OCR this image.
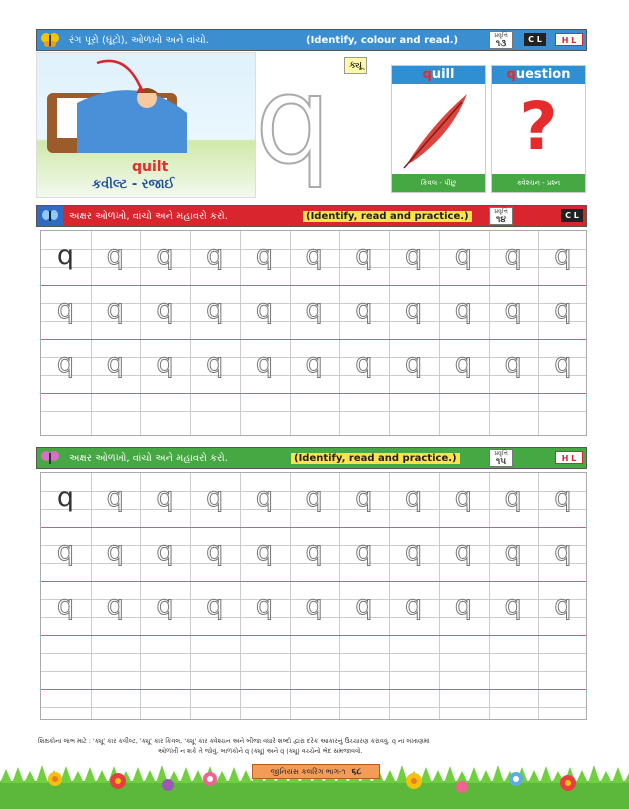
રંગ પૂરો (ઘૂંટો), ઓળખો અને વાંચો.	(Identify, colour and read.)	પ્રવૃત્તિ
૧૩	C L	H L
quilt
કવીલ્ટ - રજાઈ q	ક્યૂ
quill
કિવલ - પીંછુ
question
?
ક્વેશ્ચન - પ્રશ્ન
અક્ષર ઓળખો, વાંચો અને મહાવરો કરો.	(Identify, read and practice.)	પ્રવૃત્તિ
૧૪	C L
q	q	q	q	q	q	q	q	q	q	q
q	q	q	q	q	q	q	q	q	q	q
q	q	q	q	q	q	q	q	q	q	q
અક્ષર ઓળખો, વાંચો અને મહાવરો કરો.	(Identify, read and practice.)	પ્રવૃત્તિ
૧૫	H L
q	q	q	q	q	q	q	q	q	q	q
q	q	q	q	q	q	q	q	q	q	q
q	q	q	q	q	q	q	q	q	q	q
શિક્ષકોના લાભ માટે : 'ક્યૂ' કાર કવીલ્ટ, 'ક્યૂ' કાર કિવલ, 'ક્યૂ' કાર ક્વેશ્ચન અને બીજા વધારે શબ્દો દ્વારા દરેક આકારનું ઉચ્ચારણ કરાવવું. q ના લખાણમાં
ઓળખી ન શકે તે જોવું. બાળકોને q (ક્યૂ) અને q (ક્યૂ) વચ્ચેનો ભેદ સમજાવવો.
જીનિયસ કલરિંગ ભાગ-૧ ૬૮
